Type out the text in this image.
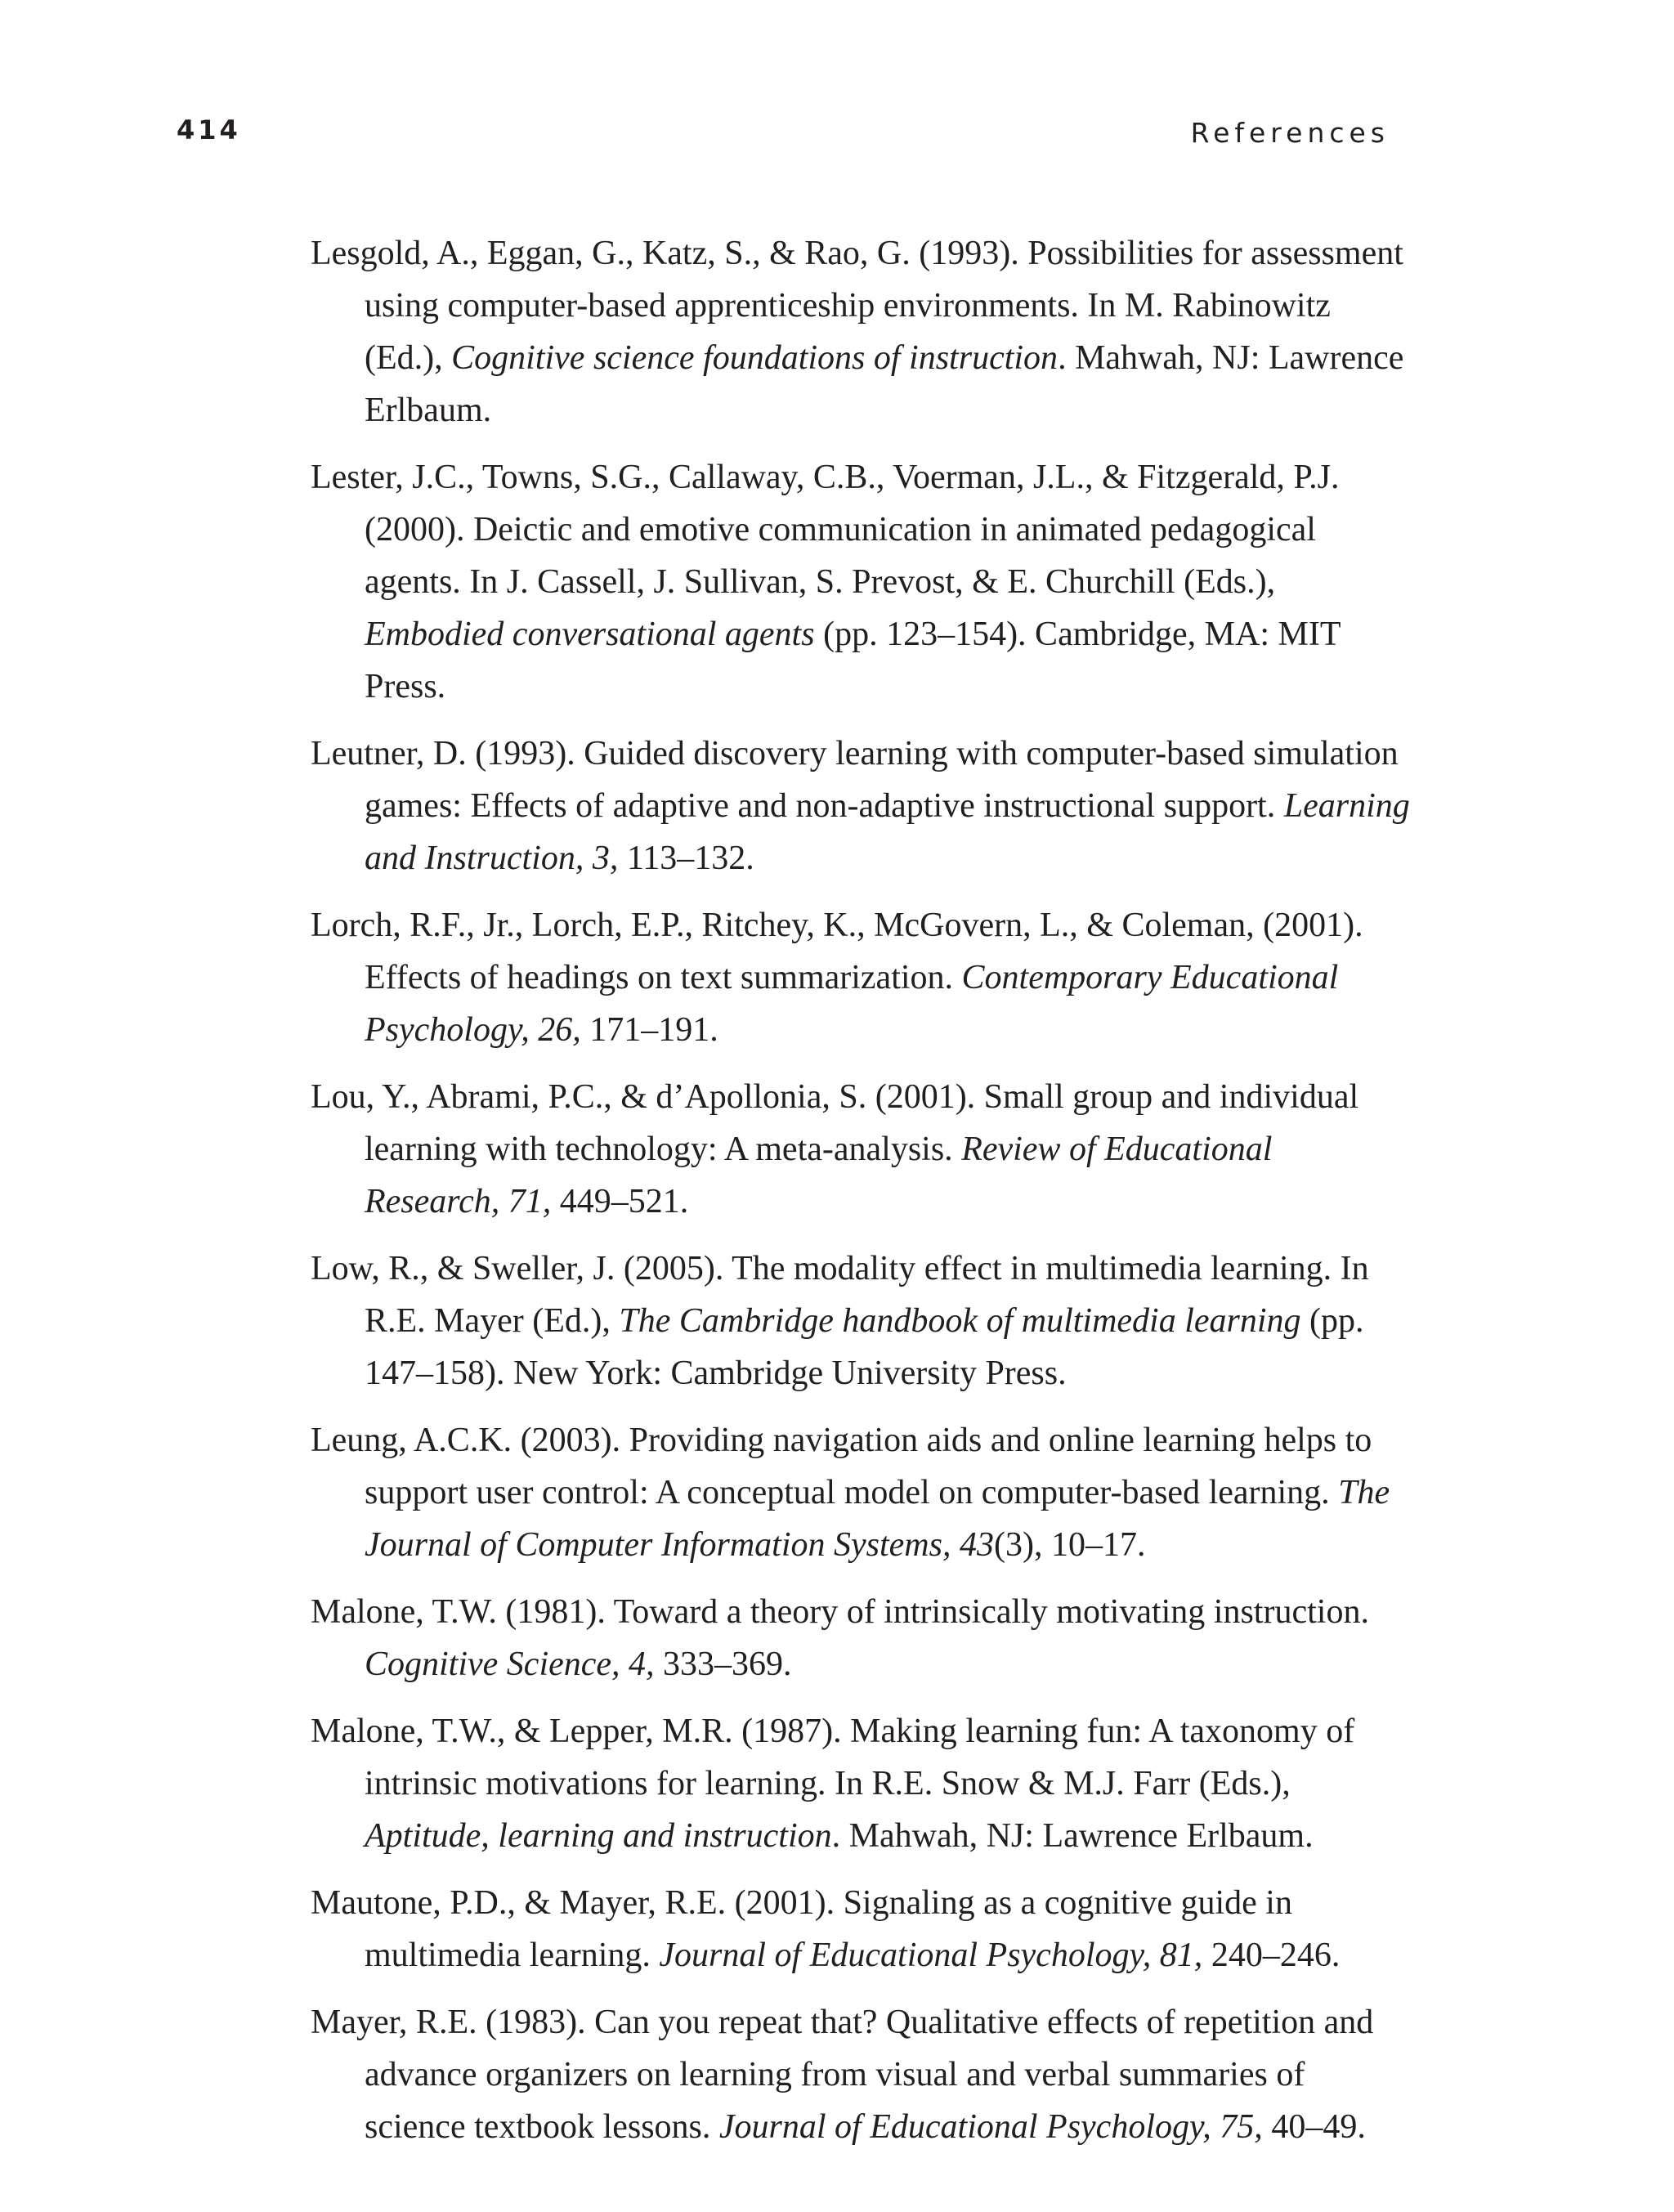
414	References
Lesgold, A., Eggan, G., Katz, S., & Rao, G. (1993). Possibilities for assessment using computer-based apprenticeship environments. In M. Rabinowitz (Ed.), Cognitive science foundations of instruction. Mahwah, NJ: Lawrence Erlbaum.
Lester, J.C., Towns, S.G., Callaway, C.B., Voerman, J.L., & Fitzgerald, P.J. (2000). Deictic and emotive communication in animated pedagogical agents. In J. Cassell, J. Sullivan, S. Prevost, & E. Churchill (Eds.), Embodied conversational agents (pp. 123–154). Cambridge, MA: MIT Press.
Leutner, D. (1993). Guided discovery learning with computer-based simulation games: Effects of adaptive and non-adaptive instructional support. Learning and Instruction, 3, 113–132.
Lorch, R.F., Jr., Lorch, E.P., Ritchey, K., McGovern, L., & Coleman, (2001). Effects of headings on text summarization. Contemporary Educational Psychology, 26, 171–191.
Lou, Y., Abrami, P.C., & d’Apollonia, S. (2001). Small group and individual learning with technology: A meta-analysis. Review of Educational Research, 71, 449–521.
Low, R., & Sweller, J. (2005). The modality effect in multimedia learning. In R.E. Mayer (Ed.), The Cambridge handbook of multimedia learning (pp. 147–158). New York: Cambridge University Press.
Leung, A.C.K. (2003). Providing navigation aids and online learning helps to support user control: A conceptual model on computer-based learning. The Journal of Computer Information Systems, 43(3), 10–17.
Malone, T.W. (1981). Toward a theory of intrinsically motivating instruction. Cognitive Science, 4, 333–369.
Malone, T.W., & Lepper, M.R. (1987). Making learning fun: A taxonomy of intrinsic motivations for learning. In R.E. Snow & M.J. Farr (Eds.), Aptitude, learning and instruction. Mahwah, NJ: Lawrence Erlbaum.
Mautone, P.D., & Mayer, R.E. (2001). Signaling as a cognitive guide in multimedia learning. Journal of Educational Psychology, 81, 240–246.
Mayer, R.E. (1983). Can you repeat that? Qualitative effects of repetition and advance organizers on learning from visual and verbal summaries of science textbook lessons. Journal of Educational Psychology, 75, 40–49.
